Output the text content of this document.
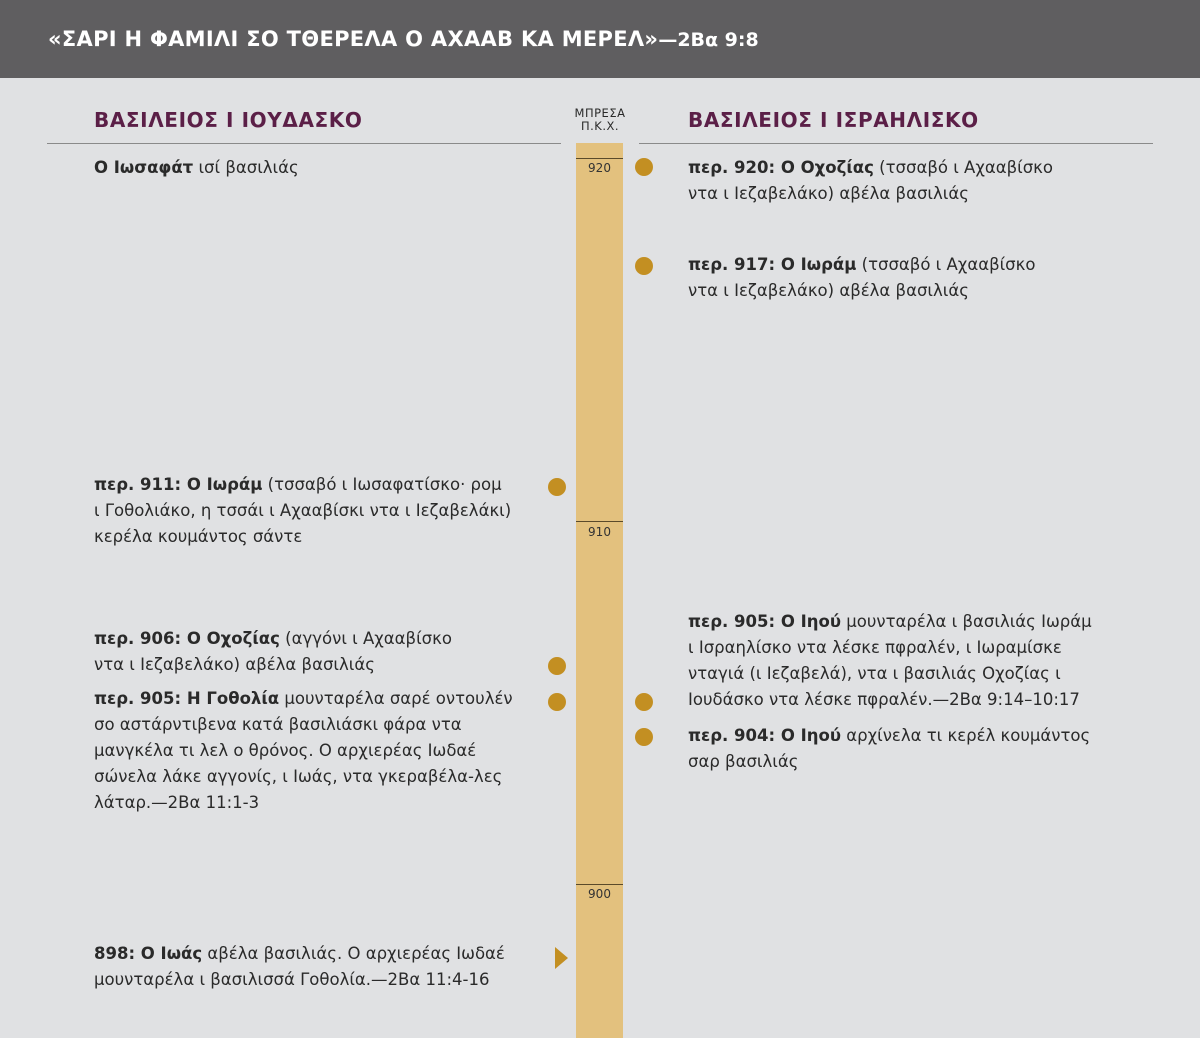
«ΣΑΡΙ Η ΦΑΜΙΛΙ ΣΟ ΤΘΕΡΕΛΑ Ο ΑΧΑΑΒ ΚΑ ΜΕΡΕΛ»—2Βα 9:8
ΒΑΣΙΛΕΙΟΣ Ι ΙΟΥΔΑΣΚΟ	ΒΑΣΙΛΕΙΟΣ Ι ΙΣΡΑΗΛΙΣΚΟ
ΜΠΡΕΣΑ
Π.Κ.Χ.
920
910
900
Ο Ιωσαφάτ ισί βασιλιάς
περ. 911: Ο Ιωράμ (τσσαβό ι Ιωσαφατίσκο· ρομ
ι Γοθολιάκο, η τσσάι ι Αχααβίσκι ντα ι Ιεζαβελάκι)
κερέλα κουμάντος σάντε
περ. 906: Ο Οχοζίας (αγγόνι ι Αχααβίσκο
ντα ι Ιεζαβελάκο) αβέλα βασιλιάς
περ. 905: Η Γοθολία μουνταρέλα σαρέ οντουλέν
σο αστάρντιβενα κατά βασιλιάσκι φάρα ντα
μανγκέλα τι λελ ο θρόνος. Ο αρχιερέας Ιωδαέ
σώνελα λάκε αγγονίς, ι Ιωάς, ντα γκεραβέλα-λες
λάταρ.—2Βα 11:1-3
898: Ο Ιωάς αβέλα βασιλιάς. Ο αρχιερέας Ιωδαέ
μουνταρέλα ι βασιλισσά Γοθολία.—2Βα 11:4-16
περ. 920: Ο Οχοζίας (τσσαβό ι Αχααβίσκο
ντα ι Ιεζαβελάκο) αβέλα βασιλιάς
περ. 917: Ο Ιωράμ (τσσαβό ι Αχααβίσκο
ντα ι Ιεζαβελάκο) αβέλα βασιλιάς
περ. 905: Ο Ιηού μουνταρέλα ι βασιλιάς Ιωράμ
ι Ισραηλίσκο ντα λέσκε πφραλέν, ι Ιωραμίσκε
νταγιά (ι Ιεζαβελά), ντα ι βασιλιάς Οχοζίας ι
Ιουδάσκο ντα λέσκε πφραλέν.—2Βα 9:14–10:17
περ. 904: Ο Ιηού αρχίνελα τι κερέλ κουμάντος
σαρ βασιλιάς
